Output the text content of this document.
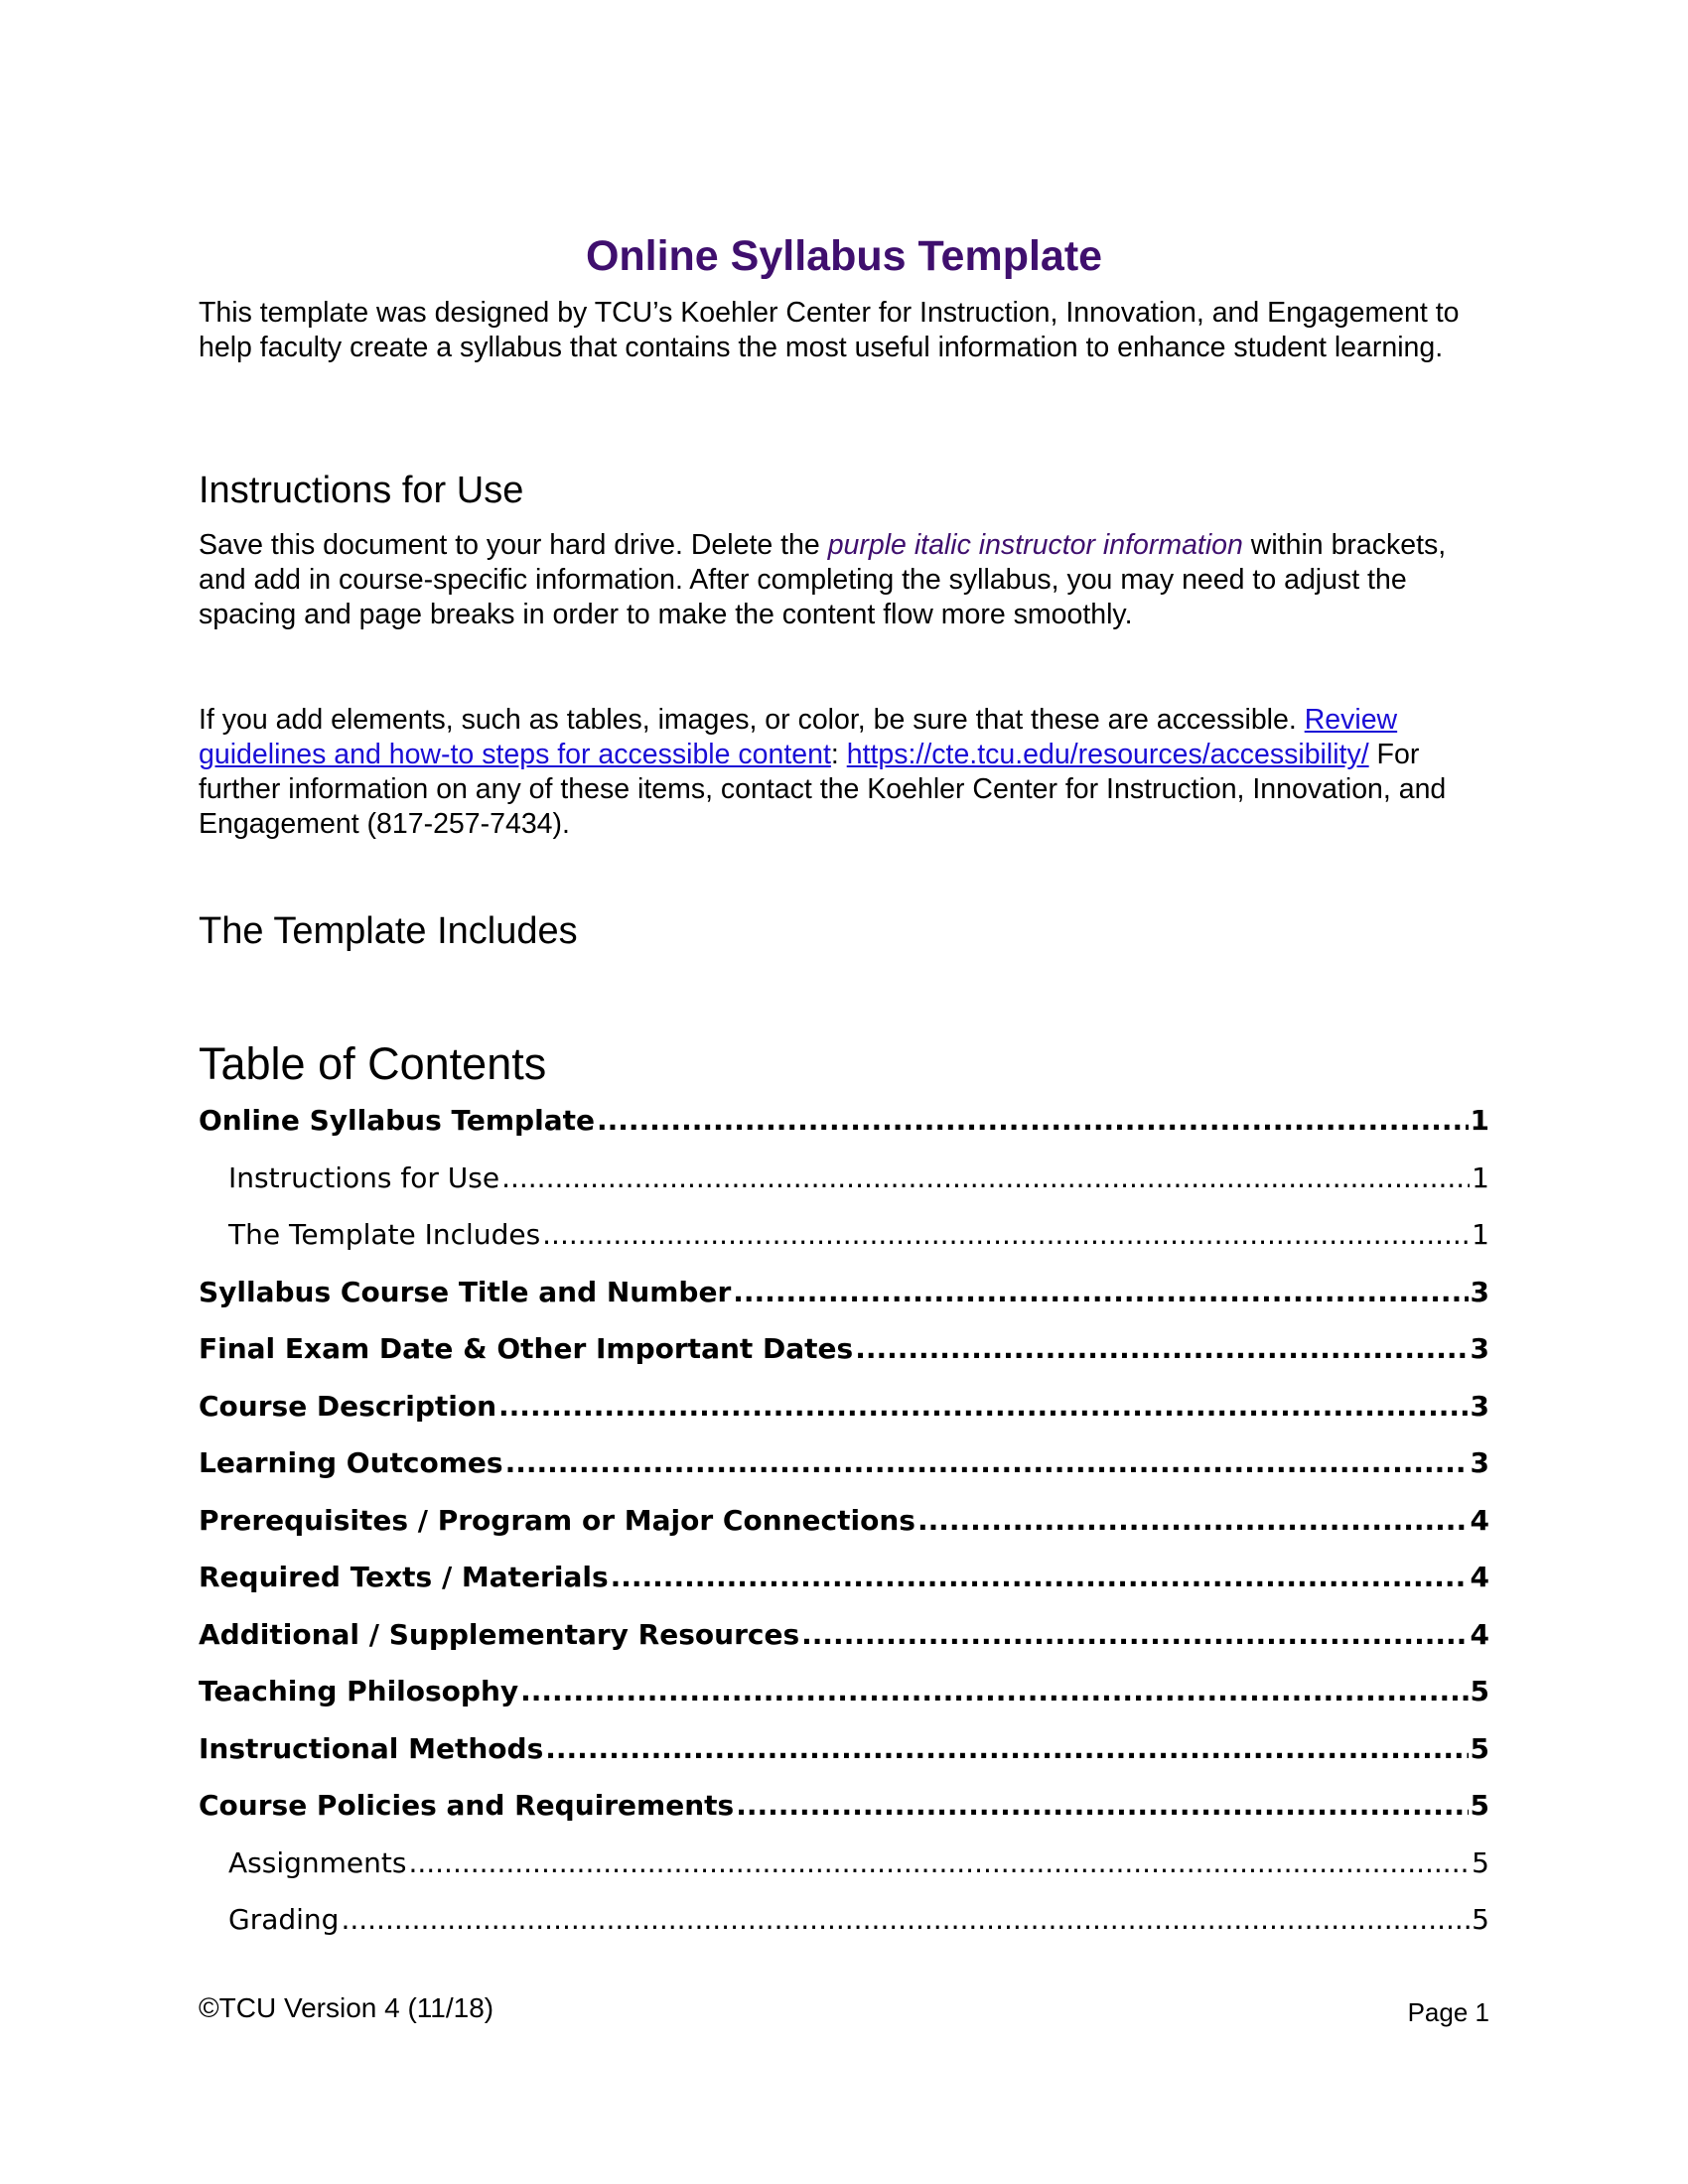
Online Syllabus Template

This template was designed by TCU’s Koehler Center for Instruction, Innovation, and Engagement to help faculty create a syllabus that contains the most useful information to enhance student learning.

Instructions for Use

Save this document to your hard drive. Delete the purple italic instructor information within brackets, and add in course-specific information. After completing the syllabus, you may need to adjust the spacing and page breaks in order to make the content flow more smoothly.

If you add elements, such as tables, images, or color, be sure that these are accessible. Review guidelines and how-to steps for accessible content: https://cte.tcu.edu/resources/accessibility/ For further information on any of these items, contact the Koehler Center for Instruction, Innovation, and Engagement (817-257-7434).

The Template Includes
Table of Contents
Online Syllabus Template .....	1
Instructions for Use .....	1
The Template Includes .....	1
Syllabus Course Title and Number .....	3
Final Exam Date & Other Important Dates .....	3
Course Description .....	3
Learning Outcomes .....	3
Prerequisites / Program or Major Connections .....	4
Required Texts / Materials .....	4
Additional / Supplementary Resources .....	4
Teaching Philosophy .....	5
Instructional Methods .....	5
Course Policies and Requirements .....	5
Assignments .....	5
Grading .....	5
©TCU Version 4 (11/18)	Page 1
